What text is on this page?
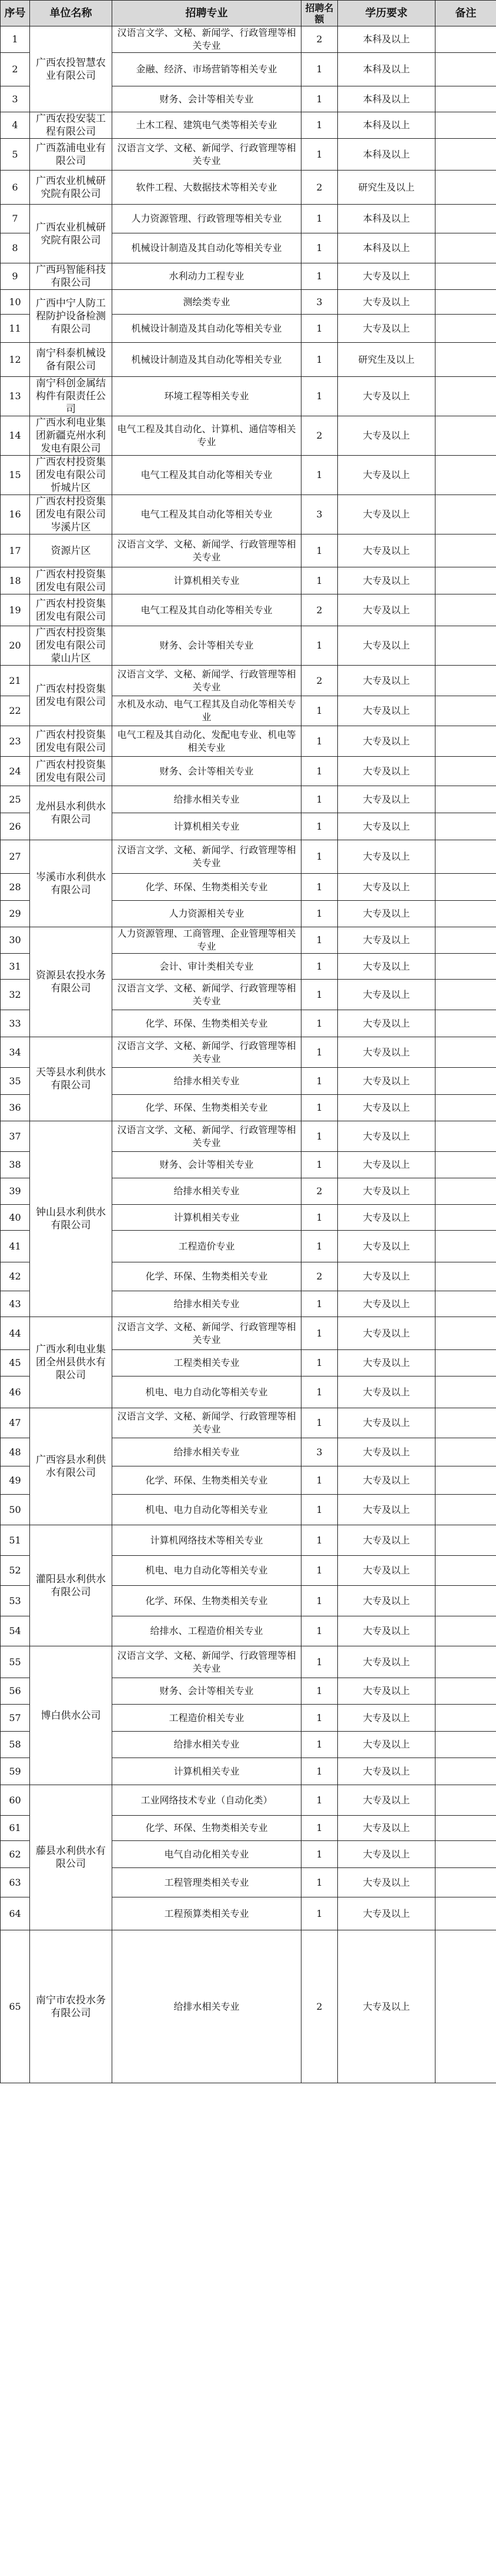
序号	单位名称	招聘专业	招聘名额	学历要求	备注
1	广西农投智慧农业有限公司	汉语言文学、文秘、新闻学、行政管理等相关专业	2	本科及以上	
2		金融、经济、市场营销等相关专业	1	本科及以上	
3		财务、会计等相关专业	1	本科及以上	
4	广西农投安装工程有限公司	土木工程、建筑电气类等相关专业	1	本科及以上	
5	广西荔浦电业有限公司	汉语言文学、文秘、新闻学、行政管理等相关专业	1	本科及以上	
6	广西农业机械研究院有限公司	软件工程、大数据技术等相关专业	2	研究生及以上	
7	广西农业机械研究院有限公司	人力资源管理、行政管理等相关专业	1	本科及以上	
8		机械设计制造及其自动化等相关专业	1	本科及以上	
9	广西玛智能科技有限公司	水利动力工程专业	1	大专及以上	
10	广西中宁人防工程防护设备检测有限公司	测绘类专业	3	大专及以上	
11		机械设计制造及其自动化等相关专业	1	大专及以上	
12	南宁科泰机械设备有限公司	机械设计制造及其自动化等相关专业	1	研究生及以上	
13	南宁科创金属结构件有限责任公司	环境工程等相关专业	1	大专及以上	
14	广西水利电业集团新疆克州水利发电有限公司	电气工程及其自动化、计算机、通信等相关专业	2	大专及以上	
15	广西农村投资集团发电有限公司忻城片区	电气工程及其自动化等相关专业	1	大专及以上	
16	广西农村投资集团发电有限公司岑溪片区	电气工程及其自动化等相关专业	3	大专及以上	
17	资源片区	汉语言文学、文秘、新闻学、行政管理等相关专业	1	大专及以上	
18	广西农村投资集团发电有限公司	计算机相关专业	1	大专及以上	
19	广西农村投资集团发电有限公司	电气工程及其自动化等相关专业	2	大专及以上	
20	广西农村投资集团发电有限公司蒙山片区	财务、会计等相关专业	1	大专及以上	
21	广西农村投资集团发电有限公司	汉语言文学、文秘、新闻学、行政管理等相关专业	2	大专及以上	
22		水机及水动、电气工程其及自动化等相关专业	1	大专及以上	
23	广西农村投资集团发电有限公司	电气工程及其自动化、发配电专业、机电等相关专业	1	大专及以上	
24	广西农村投资集团发电有限公司	财务、会计等相关专业	1	大专及以上	
25	龙州县水利供水有限公司	给排水相关专业	1	大专及以上	
26		计算机相关专业	1	大专及以上	
27	岑溪市水利供水有限公司	汉语言文学、文秘、新闻学、行政管理等相关专业	1	大专及以上	
28		化学、环保、生物类相关专业	1	大专及以上	
29		人力资源相关专业	1	大专及以上	
30	资源县农投水务有限公司	人力资源管理、工商管理、企业管理等相关专业	1	大专及以上	
31		会计、审计类相关专业	1	大专及以上	
32		汉语言文学、文秘、新闻学、行政管理等相关专业	1	大专及以上	
33		化学、环保、生物类相关专业	1	大专及以上	
34	天等县水利供水有限公司	汉语言文学、文秘、新闻学、行政管理等相关专业	1	大专及以上	
35		给排水相关专业	1	大专及以上	
36		化学、环保、生物类相关专业	1	大专及以上	
37	钟山县水利供水有限公司	汉语言文学、文秘、新闻学、行政管理等相关专业	1	大专及以上	
38		财务、会计等相关专业	1	大专及以上	
39		给排水相关专业	2	大专及以上	
40		计算机相关专业	1	大专及以上	
41		工程造价专业	1	大专及以上	
42		化学、环保、生物类相关专业	2	大专及以上	
43		给排水相关专业	1	大专及以上	
44	广西水利电业集团全州县供水有限公司	汉语言文学、文秘、新闻学、行政管理等相关专业	1	大专及以上	
45		工程类相关专业	1	大专及以上	
46		机电、电力自动化等相关专业	1	大专及以上	
47	广西容县水利供水有限公司	汉语言文学、文秘、新闻学、行政管理等相关专业	1	大专及以上	
48		给排水相关专业	3	大专及以上	
49		化学、环保、生物类相关专业	1	大专及以上	
50		机电、电力自动化等相关专业	1	大专及以上	
51	灌阳县水利供水有限公司	计算机网络技术等相关专业	1	大专及以上	
52		机电、电力自动化等相关专业	1	大专及以上	
53		化学、环保、生物类相关专业	1	大专及以上	
54		给排水、工程造价相关专业	1	大专及以上	
55	博白供水公司	汉语言文学、文秘、新闻学、行政管理等相关专业	1	大专及以上	
56		财务、会计等相关专业	1	大专及以上	
57		工程造价相关专业	1	大专及以上	
58		给排水相关专业	1	大专及以上	
59		计算机相关专业	1	大专及以上	
60	藤县水利供水有限公司	工业网络技术专业（自动化类）	1	大专及以上	
61		化学、环保、生物类相关专业	1	大专及以上	
62		电气自动化相关专业	1	大专及以上	
63		工程管理类相关专业	1	大专及以上	
64		工程预算类相关专业	1	大专及以上	
65	南宁市农投水务有限公司	给排水相关专业	2	大专及以上	
